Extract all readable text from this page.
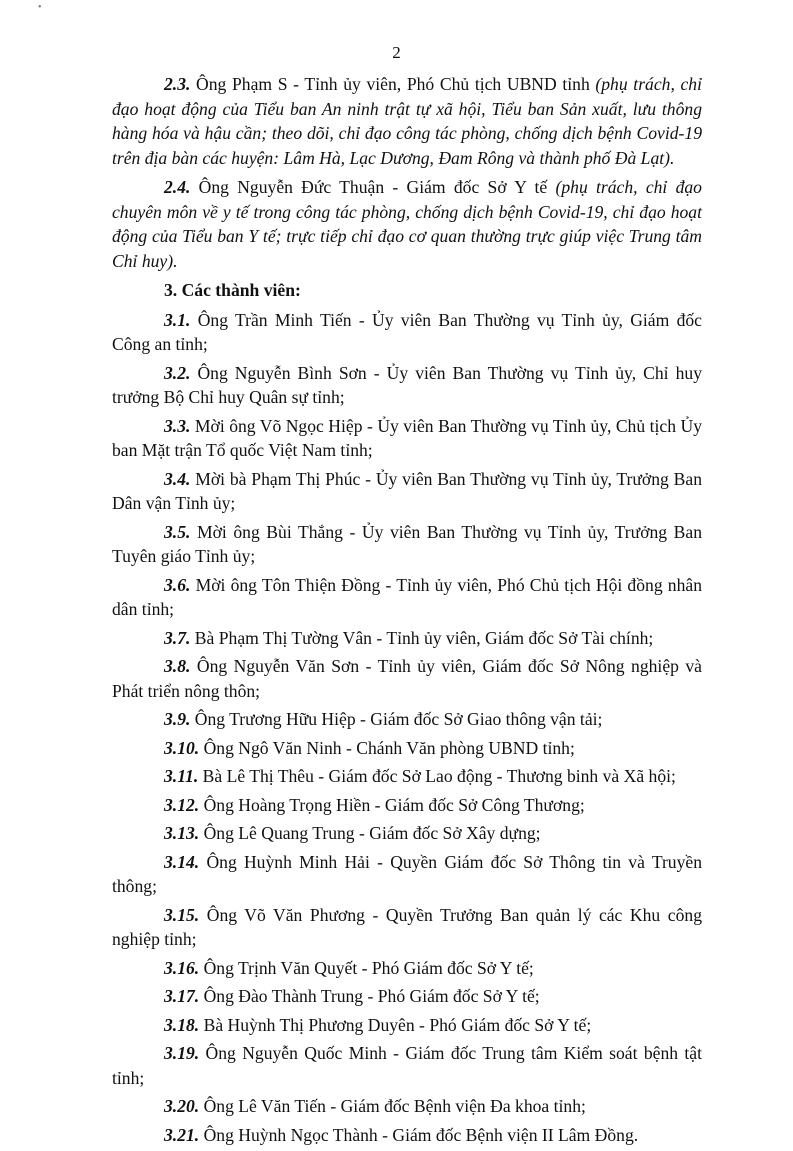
•
2

2.3. Ông Phạm S - Tỉnh ủy viên, Phó Chủ tịch UBND tỉnh (phụ trách, chỉ đạo hoạt động của Tiểu ban An ninh trật tự xã hội, Tiểu ban Sản xuất, lưu thông hàng hóa và hậu cần; theo dõi, chỉ đạo công tác phòng, chống dịch bệnh Covid-19 trên địa bàn các huyện: Lâm Hà, Lạc Dương, Đam Rông và thành phố Đà Lạt).

2.4. Ông Nguyễn Đức Thuận - Giám đốc Sở Y tế (phụ trách, chỉ đạo chuyên môn về y tế trong công tác phòng, chống dịch bệnh Covid-19, chỉ đạo hoạt động của Tiểu ban Y tế; trực tiếp chỉ đạo cơ quan thường trực giúp việc Trung tâm Chỉ huy).

3. Các thành viên:

3.1. Ông Trần Minh Tiến - Ủy viên Ban Thường vụ Tỉnh ủy, Giám đốc Công an tỉnh;

3.2. Ông Nguyễn Bình Sơn - Ủy viên Ban Thường vụ Tỉnh ủy, Chỉ huy trưởng Bộ Chỉ huy Quân sự tỉnh;

3.3. Mời ông Võ Ngọc Hiệp - Ủy viên Ban Thường vụ Tỉnh ủy, Chủ tịch Ủy ban Mặt trận Tổ quốc Việt Nam tỉnh;

3.4. Mời bà Phạm Thị Phúc - Ủy viên Ban Thường vụ Tỉnh ủy, Trưởng Ban Dân vận Tỉnh ủy;

3.5. Mời ông Bùi Thắng - Ủy viên Ban Thường vụ Tỉnh ủy, Trưởng Ban Tuyên giáo Tỉnh ủy;

3.6. Mời ông Tôn Thiện Đồng - Tỉnh ủy viên, Phó Chủ tịch Hội đồng nhân dân tỉnh;

3.7. Bà Phạm Thị Tường Vân - Tỉnh ủy viên, Giám đốc Sở Tài chính;

3.8. Ông Nguyễn Văn Sơn - Tỉnh ủy viên, Giám đốc Sở Nông nghiệp và Phát triển nông thôn;

3.9. Ông Trương Hữu Hiệp - Giám đốc Sở Giao thông vận tải;

3.10. Ông Ngô Văn Ninh - Chánh Văn phòng UBND tỉnh;

3.11. Bà Lê Thị Thêu - Giám đốc Sở Lao động - Thương binh và Xã hội;

3.12. Ông Hoàng Trọng Hiền - Giám đốc Sở Công Thương;

3.13. Ông Lê Quang Trung - Giám đốc Sở Xây dựng;

3.14. Ông Huỳnh Minh Hải - Quyền Giám đốc Sở Thông tin và Truyền thông;

3.15. Ông Võ Văn Phương - Quyền Trưởng Ban quản lý các Khu công nghiệp tỉnh;

3.16. Ông Trịnh Văn Quyết - Phó Giám đốc Sở Y tế;

3.17. Ông Đào Thành Trung - Phó Giám đốc Sở Y tế;

3.18. Bà Huỳnh Thị Phương Duyên - Phó Giám đốc Sở Y tế;

3.19. Ông Nguyễn Quốc Minh - Giám đốc Trung tâm Kiểm soát bệnh tật tỉnh;

3.20. Ông Lê Văn Tiến - Giám đốc Bệnh viện Đa khoa tỉnh;

3.21. Ông Huỳnh Ngọc Thành - Giám đốc Bệnh viện II Lâm Đồng.
